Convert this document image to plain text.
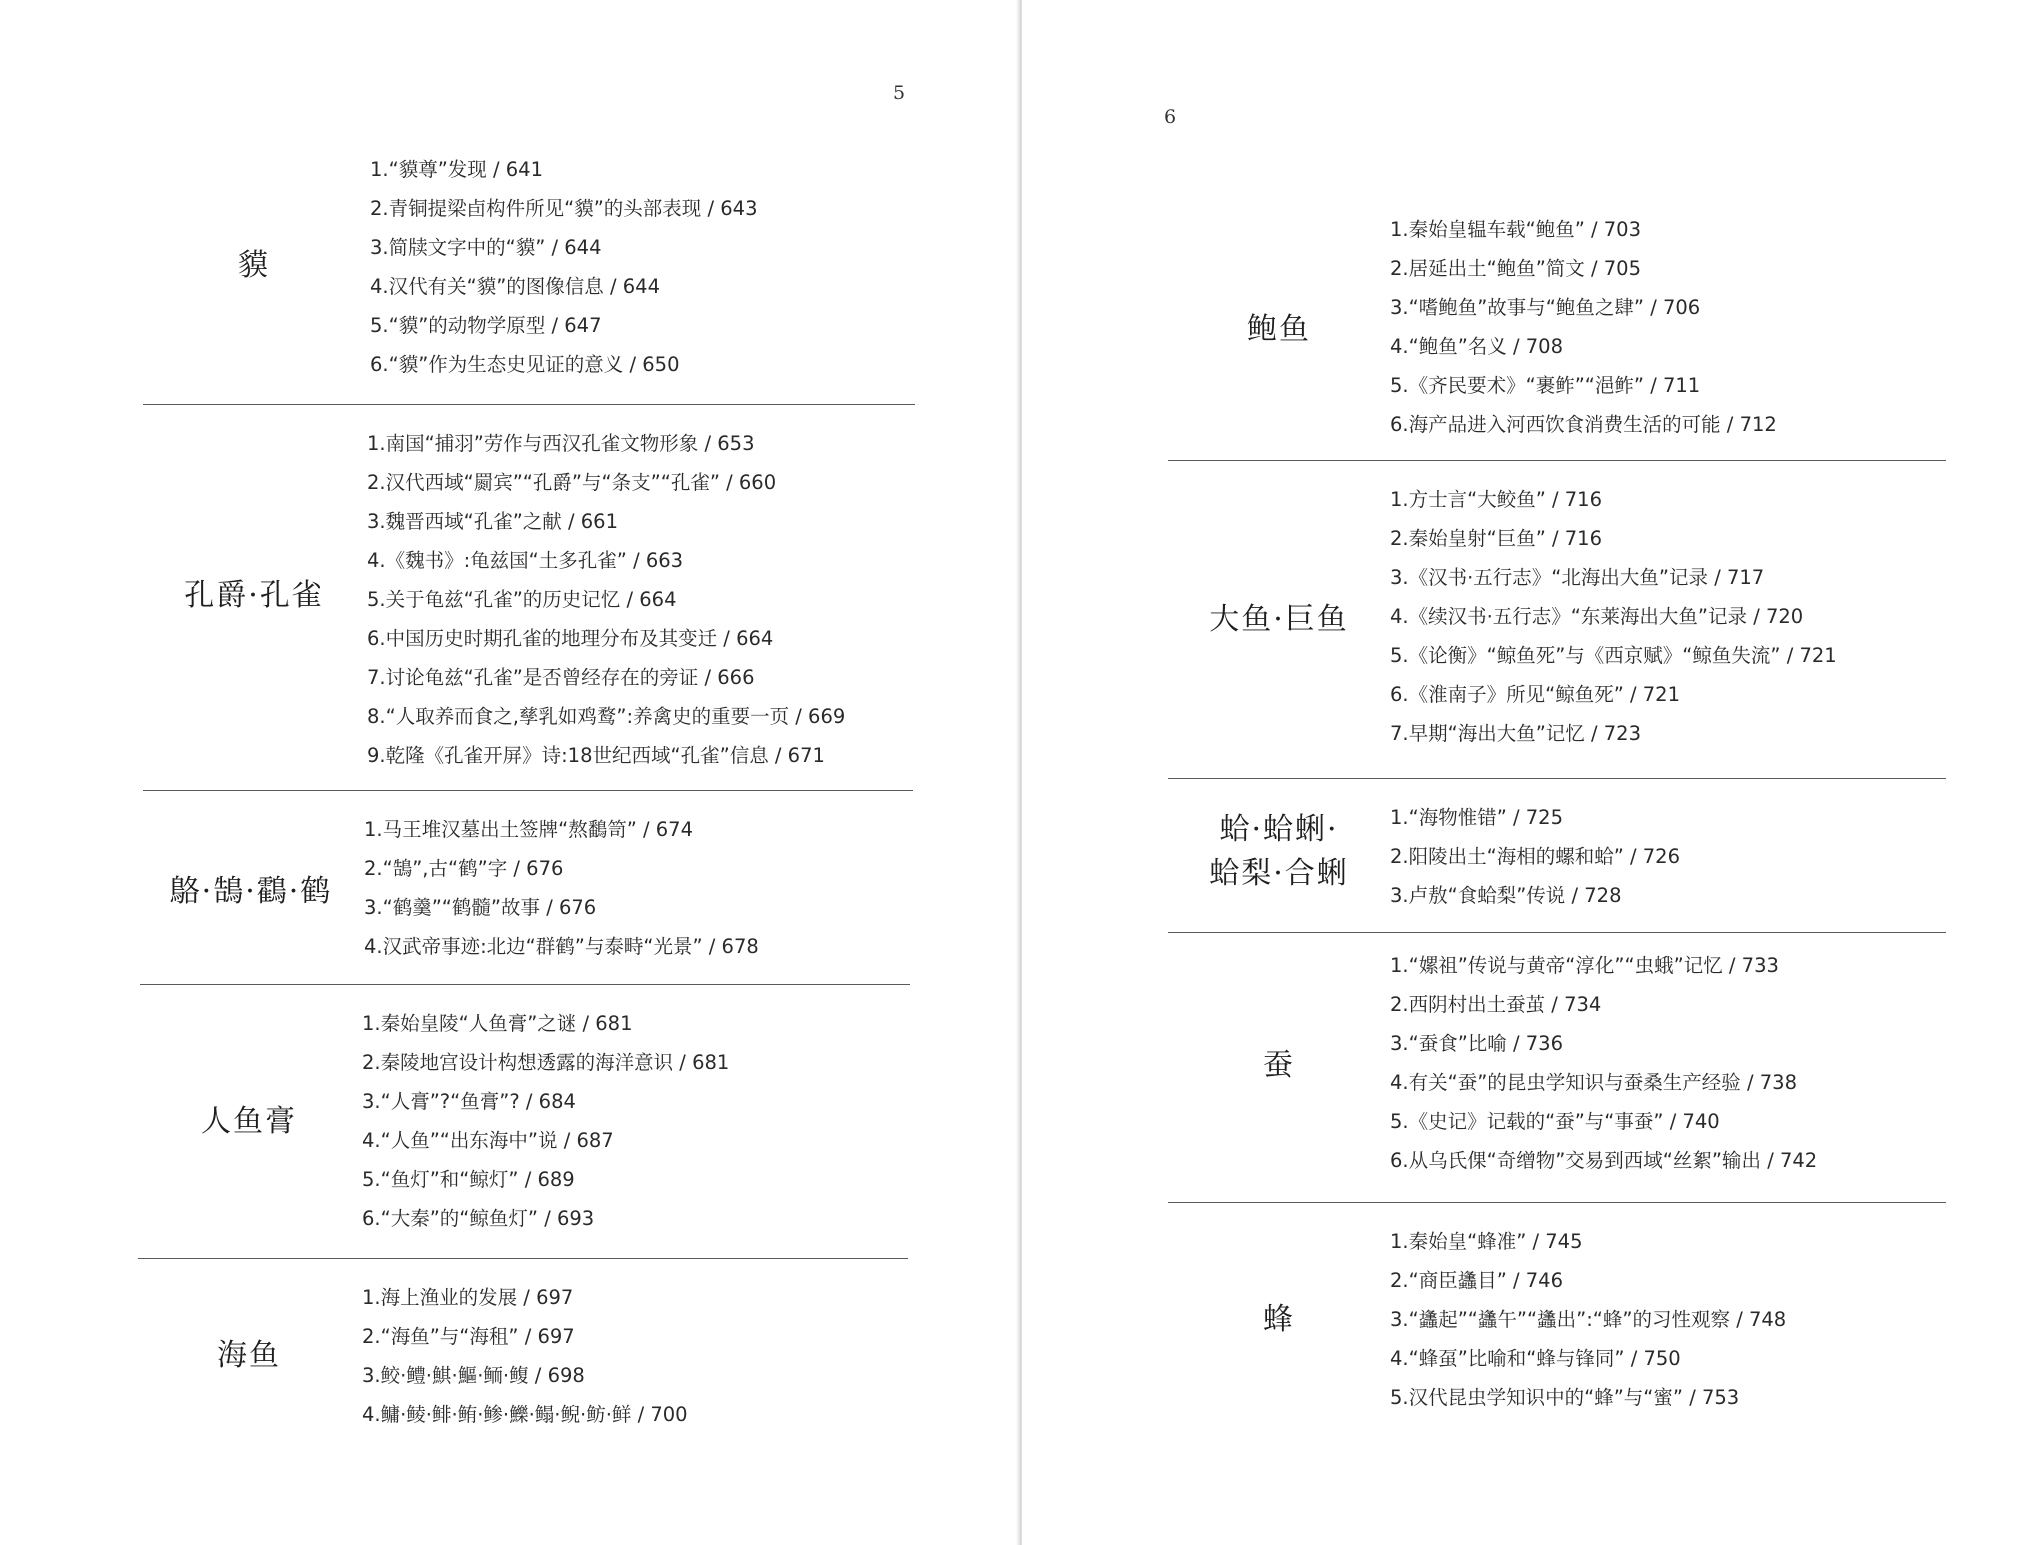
5
貘
1.“貘尊”发现 / 641
2.青铜提梁卣构件所见“貘”的头部表现 / 643
3.简牍文字中的“貘” / 644
4.汉代有关“貘”的图像信息 / 644
5.“貘”的动物学原型 / 647
6.“貘”作为生态史见证的意义 / 650
孔爵·孔雀
1.南国“捕羽”劳作与西汉孔雀文物形象 / 653
2.汉代西域“罽宾”“孔爵”与“条支”“孔雀” / 660
3.魏晋西域“孔雀”之献 / 661
4.《魏书》:龟兹国“土多孔雀” / 663
5.关于龟兹“孔雀”的历史记忆 / 664
6.中国历史时期孔雀的地理分布及其变迁 / 664
7.讨论龟兹“孔雀”是否曾经存在的旁证 / 666
8.“人取养而食之,孳乳如鸡鹜”:养禽史的重要一页 / 669
9.乾隆《孔雀开屏》诗:18世纪西域“孔雀”信息 / 671
鴼·鵠·鸖·鹤
1.马王堆汉墓出土签牌“熬鷭笥” / 674
2.“鵠”,古“鹤”字 / 676
3.“鹤羹”“鹤髓”故事 / 676
4.汉武帝事迹:北边“群鹤”与泰畤“光景” / 678
人鱼膏
1.秦始皇陵“人鱼膏”之谜 / 681
2.秦陵地宫设计构想透露的海洋意识 / 681
3.“人膏”?“鱼膏”? / 684
4.“人鱼”“出东海中”说 / 687
5.“鱼灯”和“鲸灯” / 689
6.“大秦”的“鲸鱼灯” / 693
海鱼
1.海上渔业的发展 / 697
2.“海鱼”与“海租” / 697
3.鲛·鳢·鯕·鰸·鲕·鳆 / 698
4.鳙·鲮·鲱·鲔·鲹·鱳·鳎·鲵·鲂·鲜 / 700
6
鲍鱼
1.秦始皇辒车载“鲍鱼” / 703
2.居延出土“鲍鱼”简文 / 705
3.“嗜鲍鱼”故事与“鲍鱼之肆” / 706
4.“鲍鱼”名义 / 708
5.《齐民要术》“裹鲊”“浥鲊” / 711
6.海产品进入河西饮食消费生活的可能 / 712
大鱼·巨鱼
1.方士言“大鲛鱼” / 716
2.秦始皇射“巨鱼” / 716
3.《汉书·五行志》“北海出大鱼”记录 / 717
4.《续汉书·五行志》“东莱海出大鱼”记录 / 720
5.《论衡》“鲸鱼死”与《西京赋》“鲸鱼失流” / 721
6.《淮南子》所见“鲸鱼死” / 721
7.早期“海出大鱼”记忆 / 723
蛤·蛤蜊·
蛤梨·合蜊
1.“海物惟错” / 725
2.阳陵出土“海相的螺和蛤” / 726
3.卢敖“食蛤梨”传说 / 728
蚕
1.“嫘祖”传说与黄帝“淳化”“虫蛾”记忆 / 733
2.西阴村出土蚕茧 / 734
3.“蚕食”比喻 / 736
4.有关“蚕”的昆虫学知识与蚕桑生产经验 / 738
5.《史记》记载的“蚕”与“事蚕” / 740
6.从乌氏倮“奇缯物”交易到西域“丝絮”输出 / 742
蜂
1.秦始皇“蜂准” / 745
2.“商臣蠭目” / 746
3.“蠭起”“蠭午”“蠭出”:“蜂”的习性观察 / 748
4.“蜂虿”比喻和“蜂与锋同” / 750
5.汉代昆虫学知识中的“蜂”与“蜜” / 753
